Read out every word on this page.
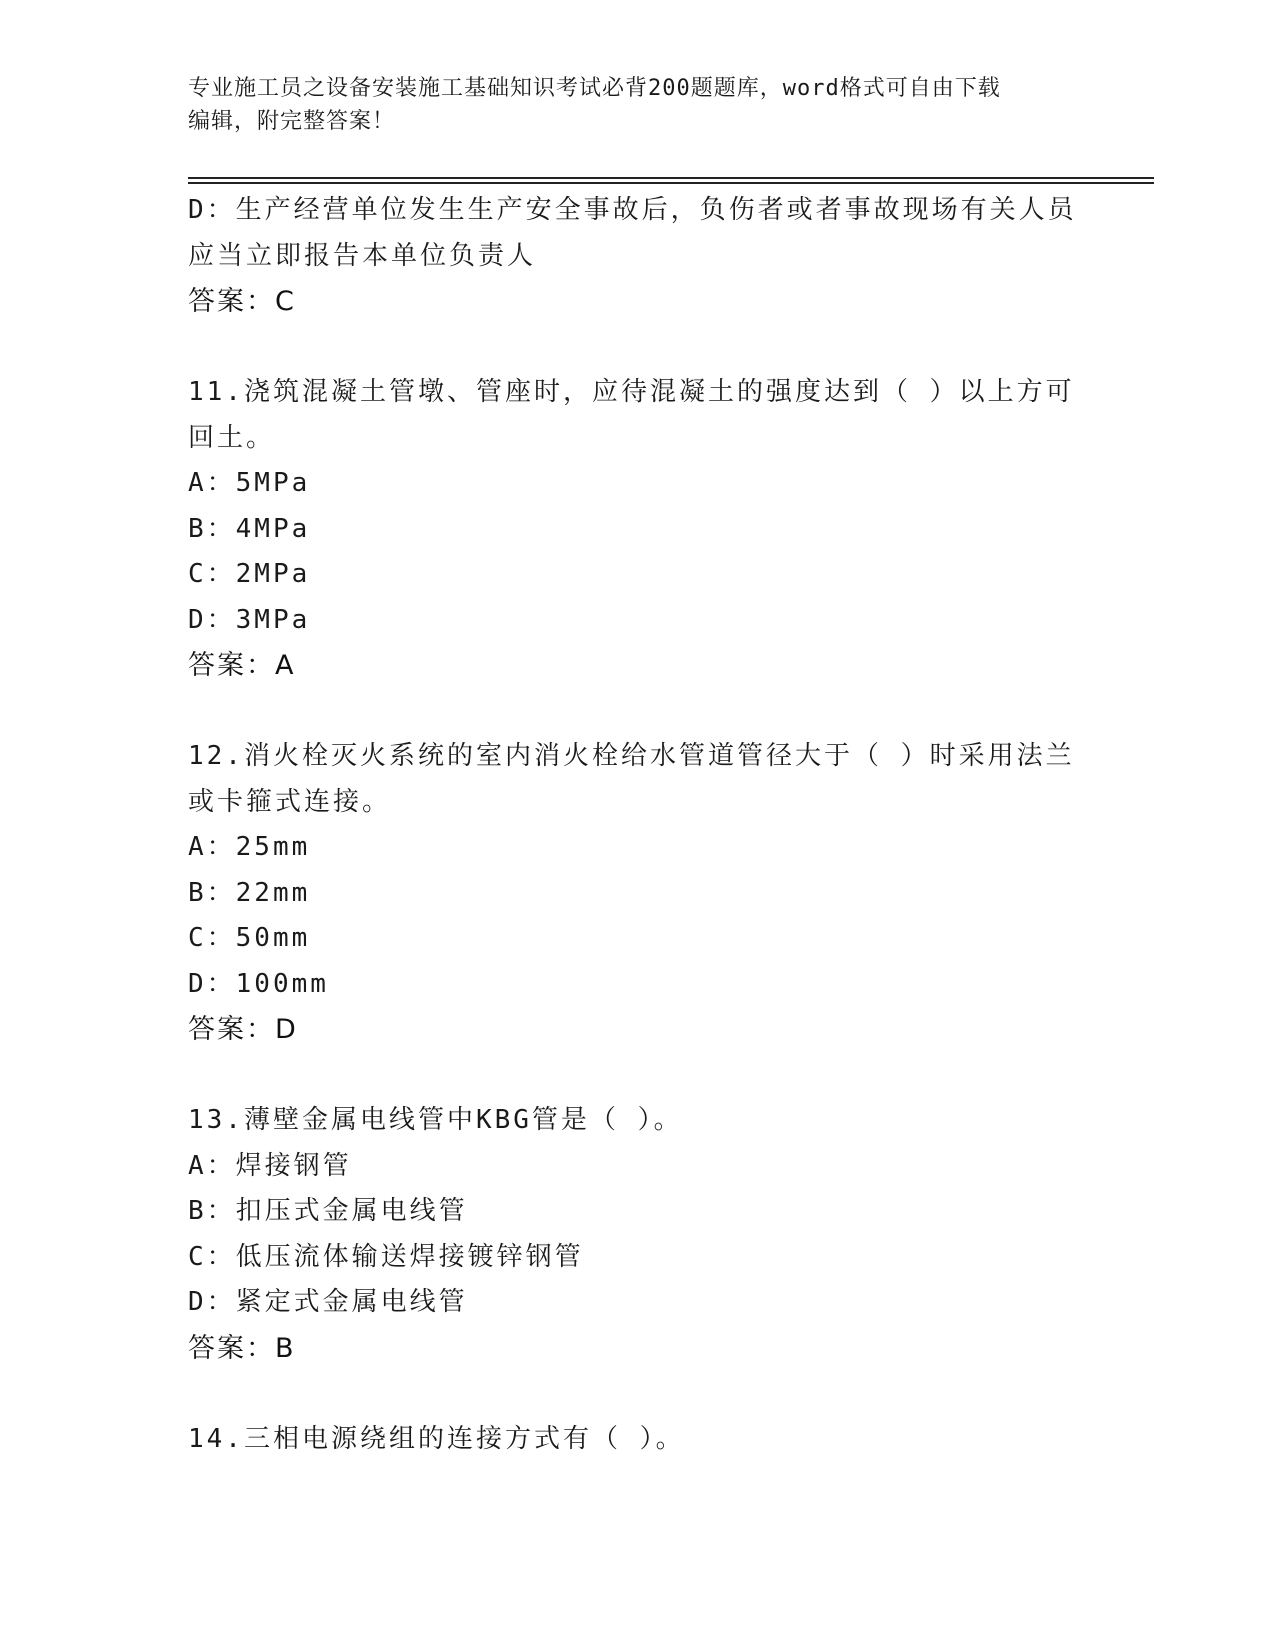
专业施工员之设备安装施工基础知识考试必背200题题库，word格式可自由下载
编辑，附完整答案！
D：生产经营单位发生生产安全事故后，负伤者或者事故现场有关人员
应当立即报告本单位负责人
答案：C
11.浇筑混凝土管墩、管座时，应待混凝土的强度达到（ ）以上方可
回土。
A：5MPa
B：4MPa
C：2MPa
D：3MPa
答案：A
12.消火栓灭火系统的室内消火栓给水管道管径大于（ ）时采用法兰
或卡箍式连接。
A：25mm
B：22mm
C：50mm
D：100mm
答案：D
13.薄壁金属电线管中KBG管是（ ）。
A：焊接钢管
B：扣压式金属电线管
C：低压流体输送焊接镀锌钢管
D：紧定式金属电线管
答案：B
14.三相电源绕组的连接方式有（ ）。
